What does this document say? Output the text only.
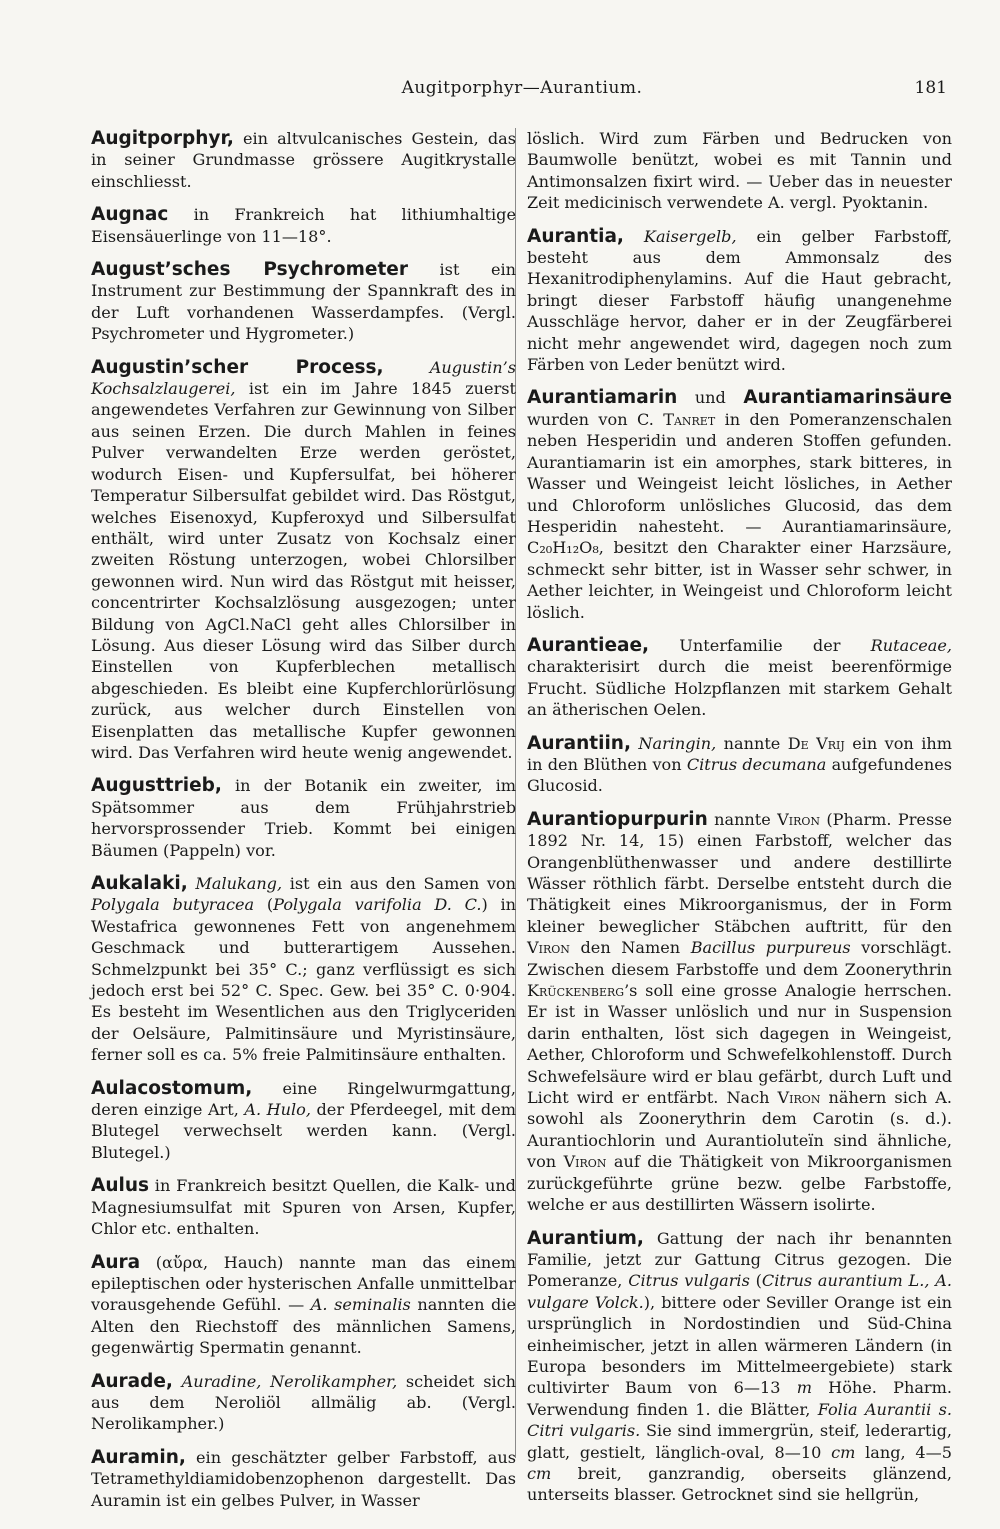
Augitporphyr—Aurantium.	181

Augitporphyr, ein altvulcanisches Gestein, das in seiner Grundmasse grössere Augitkrystalle einschliesst.

Augnac in Frankreich hat lithiumhaltige Eisensäuerlinge von 11—18°.

August’sches Psychrometer ist ein Instrument zur Bestimmung der Spannkraft des in der Luft vorhandenen Wasserdampfes. (Vergl. Psychrometer und Hygrometer.)

Augustin’scher Process, Augustin’s Kochsalzlaugerei, ist ein im Jahre 1845 zuerst angewendetes Verfahren zur Gewinnung von Silber aus seinen Erzen. Die durch Mahlen in feines Pulver verwandelten Erze werden geröstet, wodurch Eisen- und Kupfersulfat, bei höherer Temperatur Silbersulfat gebildet wird. Das Röstgut, welches Eisenoxyd, Kupferoxyd und Silbersulfat enthält, wird unter Zusatz von Kochsalz einer zweiten Röstung unterzogen, wobei Chlorsilber gewonnen wird. Nun wird das Röstgut mit heisser, concentrirter Kochsalzlösung ausgezogen; unter Bildung von AgCl.NaCl geht alles Chlorsilber in Lösung. Aus dieser Lösung wird das Silber durch Einstellen von Kupferblechen metallisch abgeschieden. Es bleibt eine Kupferchlorürlösung zurück, aus welcher durch Einstellen von Eisenplatten das metallische Kupfer gewonnen wird. Das Verfahren wird heute wenig angewendet.

Augusttrieb, in der Botanik ein zweiter, im Spätsommer aus dem Frühjahrstrieb hervorsprossender Trieb. Kommt bei einigen Bäumen (Pappeln) vor.

Aukalaki, Malukang, ist ein aus den Samen von Polygala butyracea (Polygala varifolia D. C.) in Westafrica gewonnenes Fett von angenehmem Geschmack und butterartigem Aussehen. Schmelzpunkt bei 35° C.; ganz verflüssigt es sich jedoch erst bei 52° C. Spec. Gew. bei 35° C. 0·904. Es besteht im Wesentlichen aus den Triglyceriden der Oelsäure, Palmitinsäure und Myristinsäure, ferner soll es ca. 5% freie Palmitinsäure enthalten.

Aulacostomum, eine Ringelwurmgattung, deren einzige Art, A. Hulo, der Pferdeegel, mit dem Blutegel verwechselt werden kann. (Vergl. Blutegel.)

Aulus in Frankreich besitzt Quellen, die Kalk- und Magnesiumsulfat mit Spuren von Arsen, Kupfer, Chlor etc. enthalten.

Aura (αὔρα, Hauch) nannte man das einem epileptischen oder hysterischen Anfalle unmittelbar vorausgehende Gefühl. — A. seminalis nannten die Alten den Riechstoff des männlichen Samens, gegenwärtig Spermatin genannt.

Aurade, Auradine, Nerolikampher, scheidet sich aus dem Neroliöl allmälig ab. (Vergl. Nerolikampher.)

Auramin, ein geschätzter gelber Farbstoff, aus Tetramethyldiamidobenzophenon dargestellt. Das Auramin ist ein gelbes Pulver, in Wasser

löslich. Wird zum Färben und Bedrucken von Baumwolle benützt, wobei es mit Tannin und Antimonsalzen fixirt wird. — Ueber das in neuester Zeit medicinisch verwendete A. vergl. Pyoktanin.

Aurantia, Kaisergelb, ein gelber Farbstoff, besteht aus dem Ammonsalz des Hexanitrodiphenylamins. Auf die Haut gebracht, bringt dieser Farbstoff häufig unangenehme Ausschläge hervor, daher er in der Zeugfärberei nicht mehr angewendet wird, dagegen noch zum Färben von Leder benützt wird.

Aurantiamarin und Aurantiamarinsäure wurden von C. Tanret in den Pomeranzenschalen neben Hesperidin und anderen Stoffen gefunden. Aurantiamarin ist ein amorphes, stark bitteres, in Wasser und Weingeist leicht lösliches, in Aether und Chloroform unlösliches Glucosid, das dem Hesperidin nahesteht. — Aurantiamarinsäure, C₂₀H₁₂O₈, besitzt den Charakter einer Harzsäure, schmeckt sehr bitter, ist in Wasser sehr schwer, in Aether leichter, in Weingeist und Chloroform leicht löslich.

Aurantieae, Unterfamilie der Rutaceae, charakterisirt durch die meist beerenförmige Frucht. Südliche Holzpflanzen mit starkem Gehalt an ätherischen Oelen.

Aurantiin, Naringin, nannte De Vrij ein von ihm in den Blüthen von Citrus decumana aufgefundenes Glucosid.

Aurantiopurpurin nannte Viron (Pharm. Presse 1892 Nr. 14, 15) einen Farbstoff, welcher das Orangenblüthenwasser und andere destillirte Wässer röthlich färbt. Derselbe entsteht durch die Thätigkeit eines Mikroorganismus, der in Form kleiner beweglicher Stäbchen auftritt, für den Viron den Namen Bacillus purpureus vorschlägt. Zwischen diesem Farbstoffe und dem Zoonerythrin Krückenberg’s soll eine grosse Analogie herrschen. Er ist in Wasser unlöslich und nur in Suspension darin enthalten, löst sich dagegen in Weingeist, Aether, Chloroform und Schwefelkohlenstoff. Durch Schwefelsäure wird er blau gefärbt, durch Luft und Licht wird er entfärbt. Nach Viron nähern sich A. sowohl als Zoonerythrin dem Carotin (s. d.). Aurantiochlorin und Aurantioluteïn sind ähnliche, von Viron auf die Thätigkeit von Mikroorganismen zurückgeführte grüne bezw. gelbe Farbstoffe, welche er aus destillirten Wässern isolirte.

Aurantium, Gattung der nach ihr benannten Familie, jetzt zur Gattung Citrus gezogen. Die Pomeranze, Citrus vulgaris (Citrus aurantium L., A. vulgare Volck.), bittere oder Seviller Orange ist ein ursprünglich in Nordostindien und Süd-China einheimischer, jetzt in allen wärmeren Ländern (in Europa besonders im Mittelmeergebiete) stark cultivirter Baum von 6—13 m Höhe. Pharm. Verwendung finden 1. die Blätter, Folia Aurantii s. Citri vulgaris. Sie sind immergrün, steif, lederartig, glatt, gestielt, länglich-oval, 8—10 cm lang, 4—5 cm breit, ganzrandig, oberseits glänzend, unterseits blasser. Getrocknet sind sie hellgrün,
